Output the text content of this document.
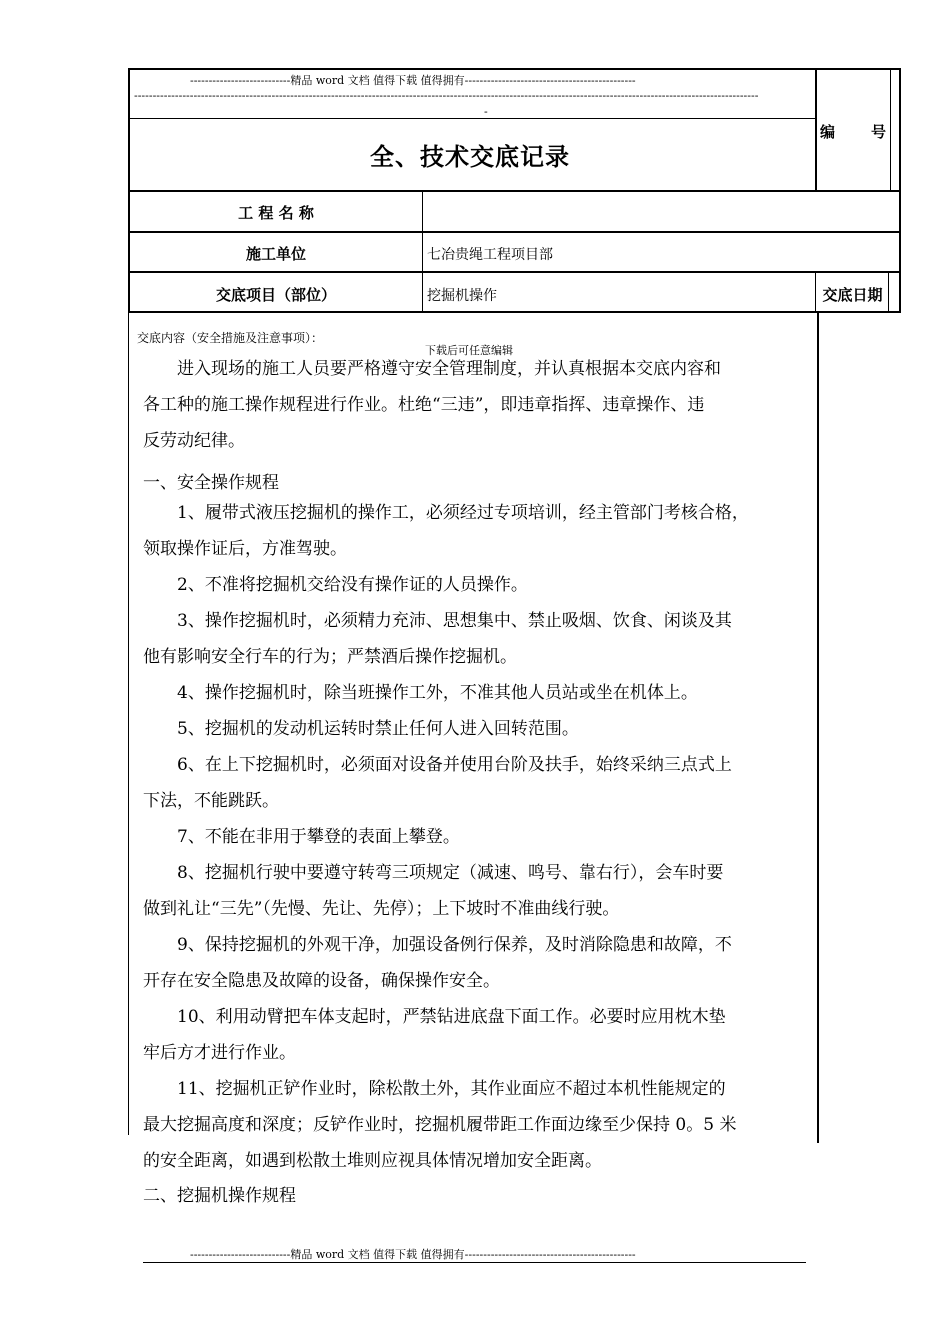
---------------------------精品 word 文档 值得下载 值得拥有----------------------------------------------
------------------------------------------------------------------------------------------------------------------------------------------------------------------------
-
全、技术交底记录
编 号
工 程 名 称
施工单位	七冶贵绳工程项目部
交底项目（部位）	挖掘机操作	交底日期
交底内容（安全措施及注意事项）：
下载后可任意编辑
　　进入现场的施工人员要严格遵守安全管理制度，并认真根据本交底内容和
各工种的施工操作规程进行作业。杜绝“三违”，即违章指挥、违章操作、违
反劳动纪律。
一、安全操作规程
　　1、履带式液压挖掘机的操作工，必须经过专项培训，经主管部门考核合格，
领取操作证后，方准驾驶。
　　2、不准将挖掘机交给没有操作证的人员操作。
　　3、操作挖掘机时，必须精力充沛、思想集中、禁止吸烟、饮食、闲谈及其
他有影响安全行车的行为；严禁酒后操作挖掘机。
　　4、操作挖掘机时，除当班操作工外，不准其他人员站或坐在机体上。
　　5、挖掘机的发动机运转时禁止任何人进入回转范围。
　　6、在上下挖掘机时，必须面对设备并使用台阶及扶手，始终采纳三点式上
下法，不能跳跃。
　　7、不能在非用于攀登的表面上攀登。
　　8、挖掘机行驶中要遵守转弯三项规定（减速、鸣号、靠右行），会车时要
做到礼让“三先”（先慢、先让、先停）；上下坡时不准曲线行驶。
　　9、保持挖掘机的外观干净，加强设备例行保养，及时消除隐患和故障，不
开存在安全隐患及故障的设备，确保操作安全。
　　10、利用动臂把车体支起时，严禁钻进底盘下面工作。必要时应用枕木垫
牢后方才进行作业。
　　11、挖掘机正铲作业时，除松散土外，其作业面应不超过本机性能规定的
最大挖掘高度和深度；反铲作业时，挖掘机履带距工作面边缘至少保持 0。5 米
的安全距离，如遇到松散土堆则应视具体情况增加安全距离。
二、挖掘机操作规程
---------------------------精品 word 文档 值得下载 值得拥有----------------------------------------------
